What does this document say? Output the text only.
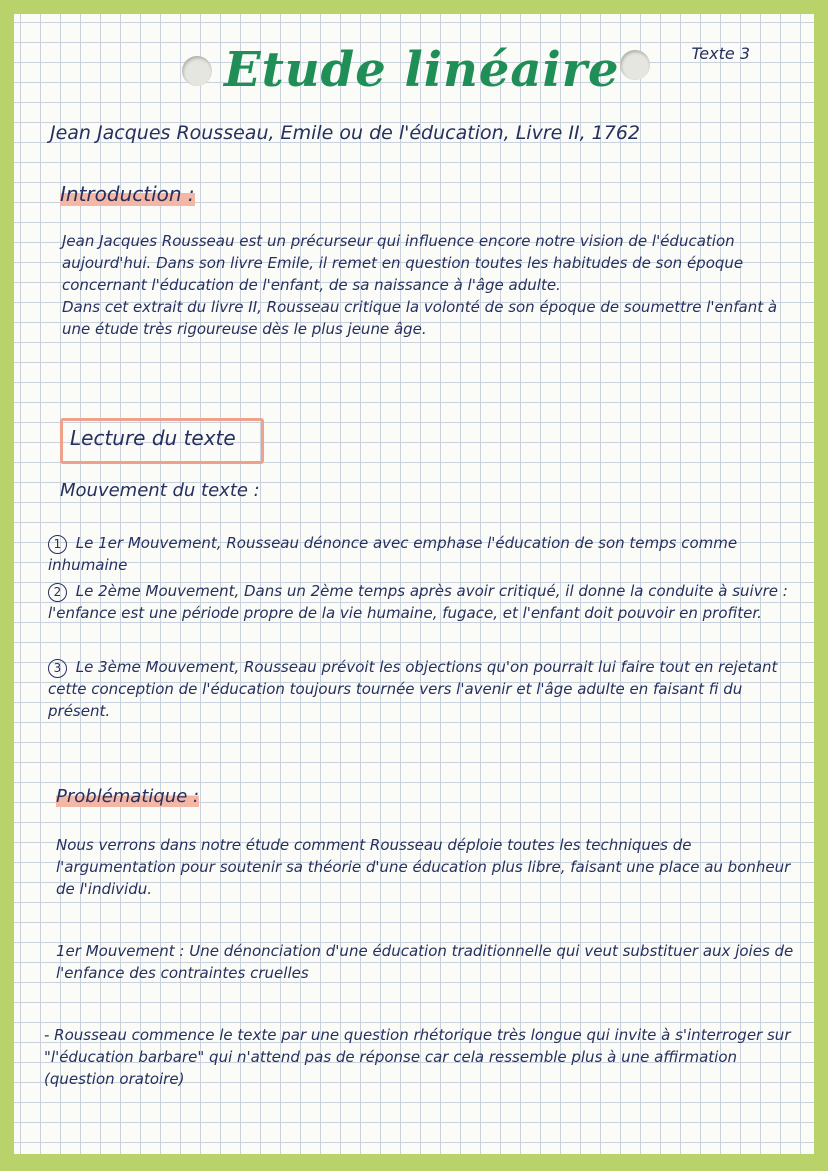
Etude linéaire	Texte 3
Jean Jacques Rousseau, Emile ou de l'éducation, Livre II, 1762
Introduction :

Jean Jacques Rousseau est un précurseur qui influence encore notre vision de l'éducation aujourd'hui. Dans son livre Emile, il remet en question toutes les habitudes de son époque concernant l'éducation de l'enfant, de sa naissance à l'âge adulte.

Dans cet extrait du livre II, Rousseau critique la volonté de son époque de soumettre l'enfant à une étude très rigoureuse dès le plus jeune âge.

Lecture du texte
Mouvement du texte :
1 Le 1er Mouvement, Rousseau dénonce avec emphase l'éducation de son temps comme inhumaine
2 Le 2ème Mouvement, Dans un 2ème temps après avoir critiqué, il donne la conduite à suivre : l'enfance est une période propre de la vie humaine, fugace, et l'enfant doit pouvoir en profiter.
3 Le 3ème Mouvement, Rousseau prévoit les objections qu'on pourrait lui faire tout en rejetant cette conception de l'éducation toujours tournée vers l'avenir et l'âge adulte en faisant fi du présent.
Problématique :
Nous verrons dans notre étude comment Rousseau déploie toutes les techniques de l'argumentation pour soutenir sa théorie d'une éducation plus libre, faisant une place au bonheur de l'individu.
1er Mouvement : Une dénonciation d'une éducation traditionnelle qui veut substituer aux joies de l'enfance des contraintes cruelles
- Rousseau commence le texte par une question rhétorique très longue qui invite à s'interroger sur "l'éducation barbare" qui n'attend pas de réponse car cela ressemble plus à une affirmation (question oratoire)
